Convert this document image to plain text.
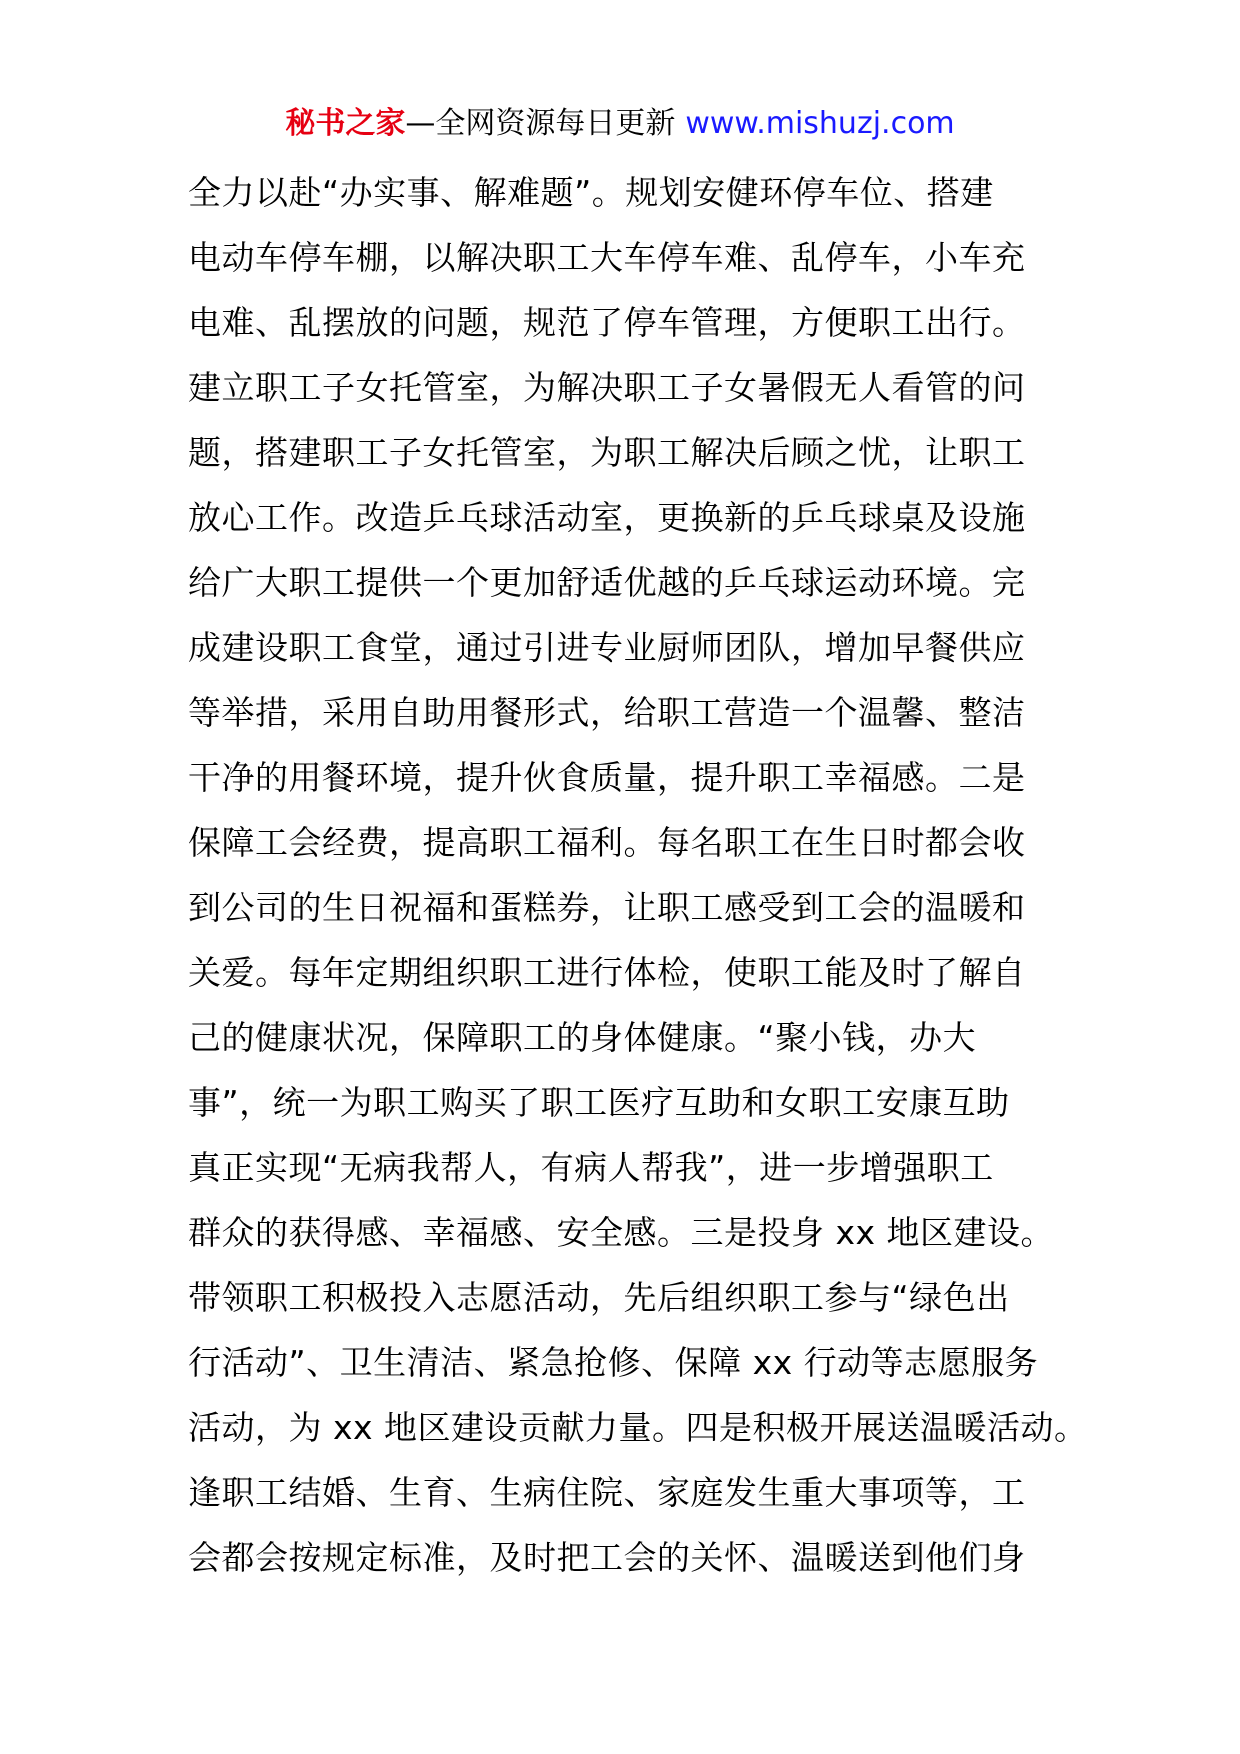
秘书之家—全网资源每日更新 www.mishuzj.com
全力以赴“办实事、解难题”。规划安健环停车位、搭建
电动车停车棚，以解决职工大车停车难、乱停车，小车充
电难、乱摆放的问题，规范了停车管理，方便职工出行。
建立职工子女托管室，为解决职工子女暑假无人看管的问
题，搭建职工子女托管室，为职工解决后顾之忧，让职工
放心工作。改造乒乓球活动室，更换新的乒乓球桌及设施
给广大职工提供一个更加舒适优越的乒乓球运动环境。完
成建设职工食堂，通过引进专业厨师团队，增加早餐供应
等举措，采用自助用餐形式，给职工营造一个温馨、整洁
干净的用餐环境，提升伙食质量，提升职工幸福感。二是
保障工会经费，提高职工福利。每名职工在生日时都会收
到公司的生日祝福和蛋糕券，让职工感受到工会的温暖和
关爱。每年定期组织职工进行体检，使职工能及时了解自
己的健康状况，保障职工的身体健康。“聚小钱，办大
事”，统一为职工购买了职工医疗互助和女职工安康互助
真正实现“无病我帮人，有病人帮我”，进一步增强职工
群众的获得感、幸福感、安全感。三是投身 xx 地区建设。
带领职工积极投入志愿活动，先后组织职工参与“绿色出
行活动”、卫生清洁、紧急抢修、保障 xx 行动等志愿服务
活动，为 xx 地区建设贡献力量。四是积极开展送温暖活动。
逢职工结婚、生育、生病住院、家庭发生重大事项等，工
会都会按规定标准，及时把工会的关怀、温暖送到他们身
